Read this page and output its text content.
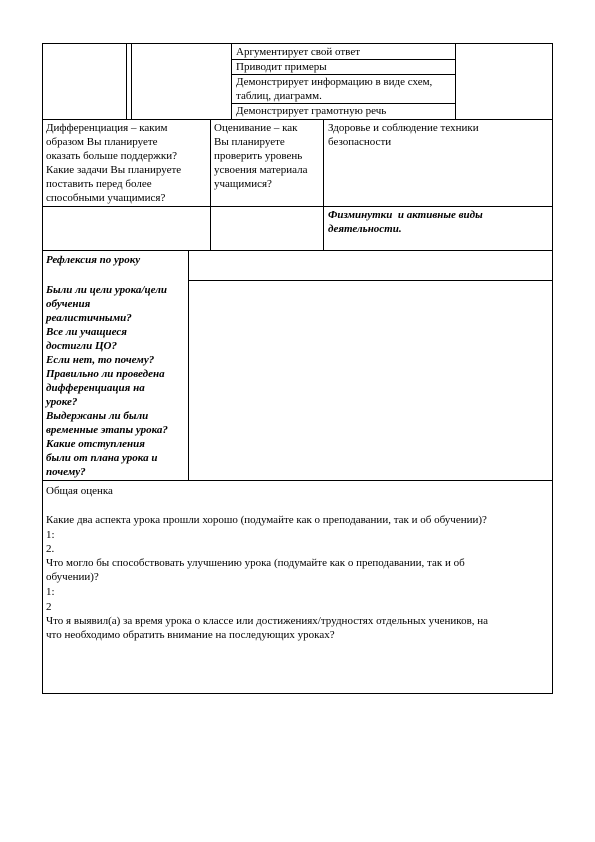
Аргументирует свой ответ
Приводит примеры
Демонстрирует информацию в виде схем,
таблиц, диаграмм.
Демонстрирует грамотную речь
Дифференциация – каким
образом Вы планируете
оказать больше поддержки?
Какие задачи Вы планируете
поставить перед более
способными учащимися?
Оценивание – как
Вы планируете
проверить уровень
усвоения материала
учащимися?
Здоровье и соблюдение техники
безопасности
Физминутки  и активные виды
деятельности.
Рефлексия по уроку
Были ли цели урока/цели
обучения
реалистичными?
Все ли учащиеся
достигли ЦО?
Если нет, то почему?
Правильно ли проведена
дифференциация на
уроке?
Выдержаны ли были
временные этапы урока?
Какие отступления
были от плана урока и
почему?
Общая оценка
Какие два аспекта урока прошли хорошо (подумайте как о преподавании, так и об обучении)?
1:
2.
Что могло бы способствовать улучшению урока (подумайте как о преподавании, так и об
обучении)?
1:
2
Что я выявил(а) за время урока о классе или достижениях/трудностях отдельных учеников, на
что необходимо обратить внимание на последующих уроках?
